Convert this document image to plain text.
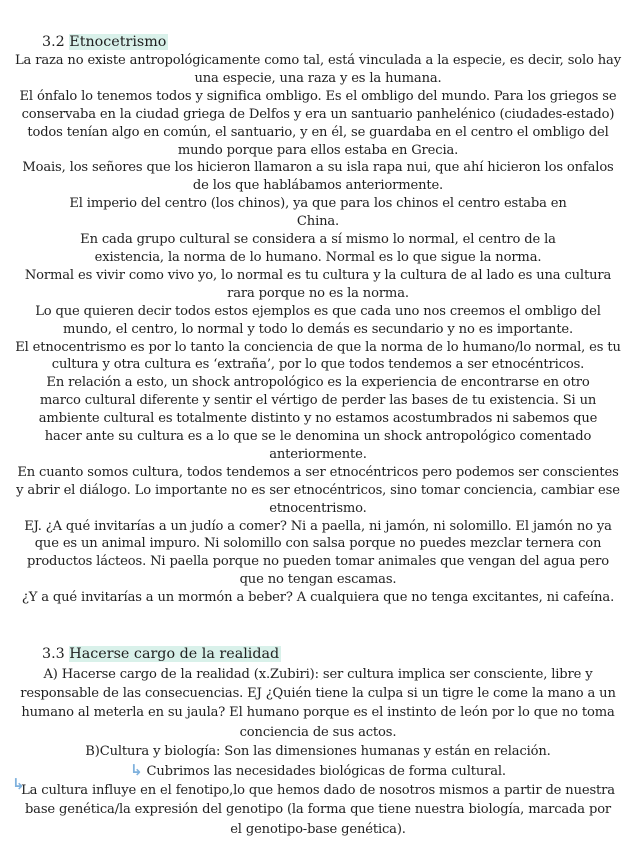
3.2 Etnocetrismo

La raza no existe antropológicamente como tal, está vinculada a la especie, es decir, solo hay una especie, una raza y es la humana.

El ónfalo lo tenemos todos y significa ombligo. Es el ombligo del mundo. Para los griegos se conservaba en la ciudad griega de Delfos y era un santuario panhelénico (ciudades-estado) todos tenían algo en común, el santuario, y en él, se guardaba en el centro el ombligo del mundo porque para ellos estaba en Grecia.

Moais, los señores que los hicieron llamaron a su isla rapa nui, que ahí hicieron los onfalos de los que hablábamos anteriormente.

El imperio del centro (los chinos), ya que para los chinos el centro estaba en China.

En cada grupo cultural se considera a sí mismo lo normal, el centro de la existencia, la norma de lo humano. Normal es lo que sigue la norma.

Normal es vivir como vivo yo, lo normal es tu cultura y la cultura de al lado es una cultura rara porque no es la norma.

Lo que quieren decir todos estos ejemplos es que cada uno nos creemos el ombligo del mundo, el centro, lo normal y todo lo demás es secundario y no es importante.

El etnocentrismo es por lo tanto la conciencia de que la norma de lo humano/lo normal, es tu cultura y otra cultura es ‘extraña’, por lo que todos tendemos a ser etnocéntricos.

En relación a esto, un shock antropológico es la experiencia de encontrarse en otro marco cultural diferente y sentir el vértigo de perder las bases de tu existencia. Si un ambiente cultural es totalmente distinto y no estamos acostumbrados ni sabemos que hacer ante su cultura es a lo que se le denomina un shock antropológico comentado anteriormente.

En cuanto somos cultura, todos tendemos a ser etnocéntricos pero podemos ser conscientes y abrir el diálogo. Lo importante no es ser etnocéntricos, sino tomar conciencia, cambiar ese etnocentrismo.

EJ. ¿A qué invitarías a un judío a comer? Ni a paella, ni jamón, ni solomillo. El jamón no ya que es un animal impuro. Ni solomillo con salsa porque no puedes mezclar ternera con productos lácteos. Ni paella porque no pueden tomar animales que vengan del agua pero que no tengan escamas.

¿Y a qué invitarías a un mormón a beber? A cualquiera que no tenga excitantes, ni cafeína.

3.3 Hacerse cargo de la realidad

A) Hacerse cargo de la realidad (x.Zubiri): ser cultura implica ser consciente, libre y responsable de las consecuencias. EJ ¿Quién tiene la culpa si un tigre le come la mano a un humano al meterla en su jaula? El humano porque es el instinto de león por lo que no toma conciencia de sus actos.

B)Cultura y biología: Son las dimensiones humanas y están en relación.

↳ Cubrimos las necesidades biológicas de forma cultural.

La cultura influye en el fenotipo,lo que hemos dado de nosotros mismos a partir de nuestra base genética/la expresión del genotipo (la forma que tiene nuestra biología, marcada por el genotipo-base genética).

↳
